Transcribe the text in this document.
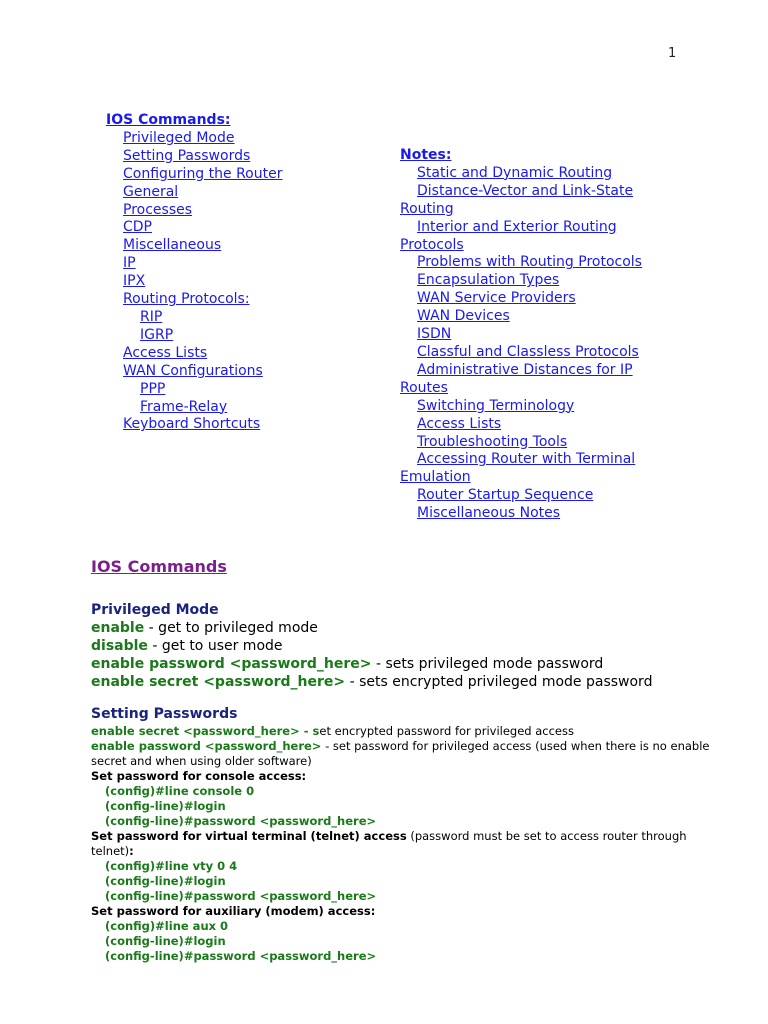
1
IOS Commands:
Privileged Mode
Setting Passwords
Configuring the Router
General
Processes
CDP
Miscellaneous
IP
IPX
Routing Protocols:
RIP
IGRP
Access Lists
WAN Configurations
PPP
Frame-Relay
Keyboard Shortcuts
Notes:
Static and Dynamic Routing
Distance-Vector and Link-State
Routing
Interior and Exterior Routing
Protocols
Problems with Routing Protocols
Encapsulation Types
WAN Service Providers
WAN Devices
ISDN
Classful and Classless Protocols
Administrative Distances for IP
Routes
Switching Terminology
Access Lists
Troubleshooting Tools
Accessing Router with Terminal
Emulation
Router Startup Sequence
Miscellaneous Notes
IOS Commands
Privileged Mode
enable - get to privileged mode
disable - get to user mode
enable password <password_here> - sets privileged mode password
enable secret <password_here> - sets encrypted privileged mode password
Setting Passwords
enable secret <password_here> - set encrypted password for privileged access
enable password <password_here> - set password for privileged access (used when there is no enable secret and when using older software)
Set password for console access:
(config)#line console 0
(config-line)#login
(config-line)#password <password_here>
Set password for virtual terminal (telnet) access (password must be set to access router through telnet):
(config)#line vty 0 4
(config-line)#login
(config-line)#password <password_here>
Set password for auxiliary (modem) access:
(config)#line aux 0
(config-line)#login
(config-line)#password <password_here>
